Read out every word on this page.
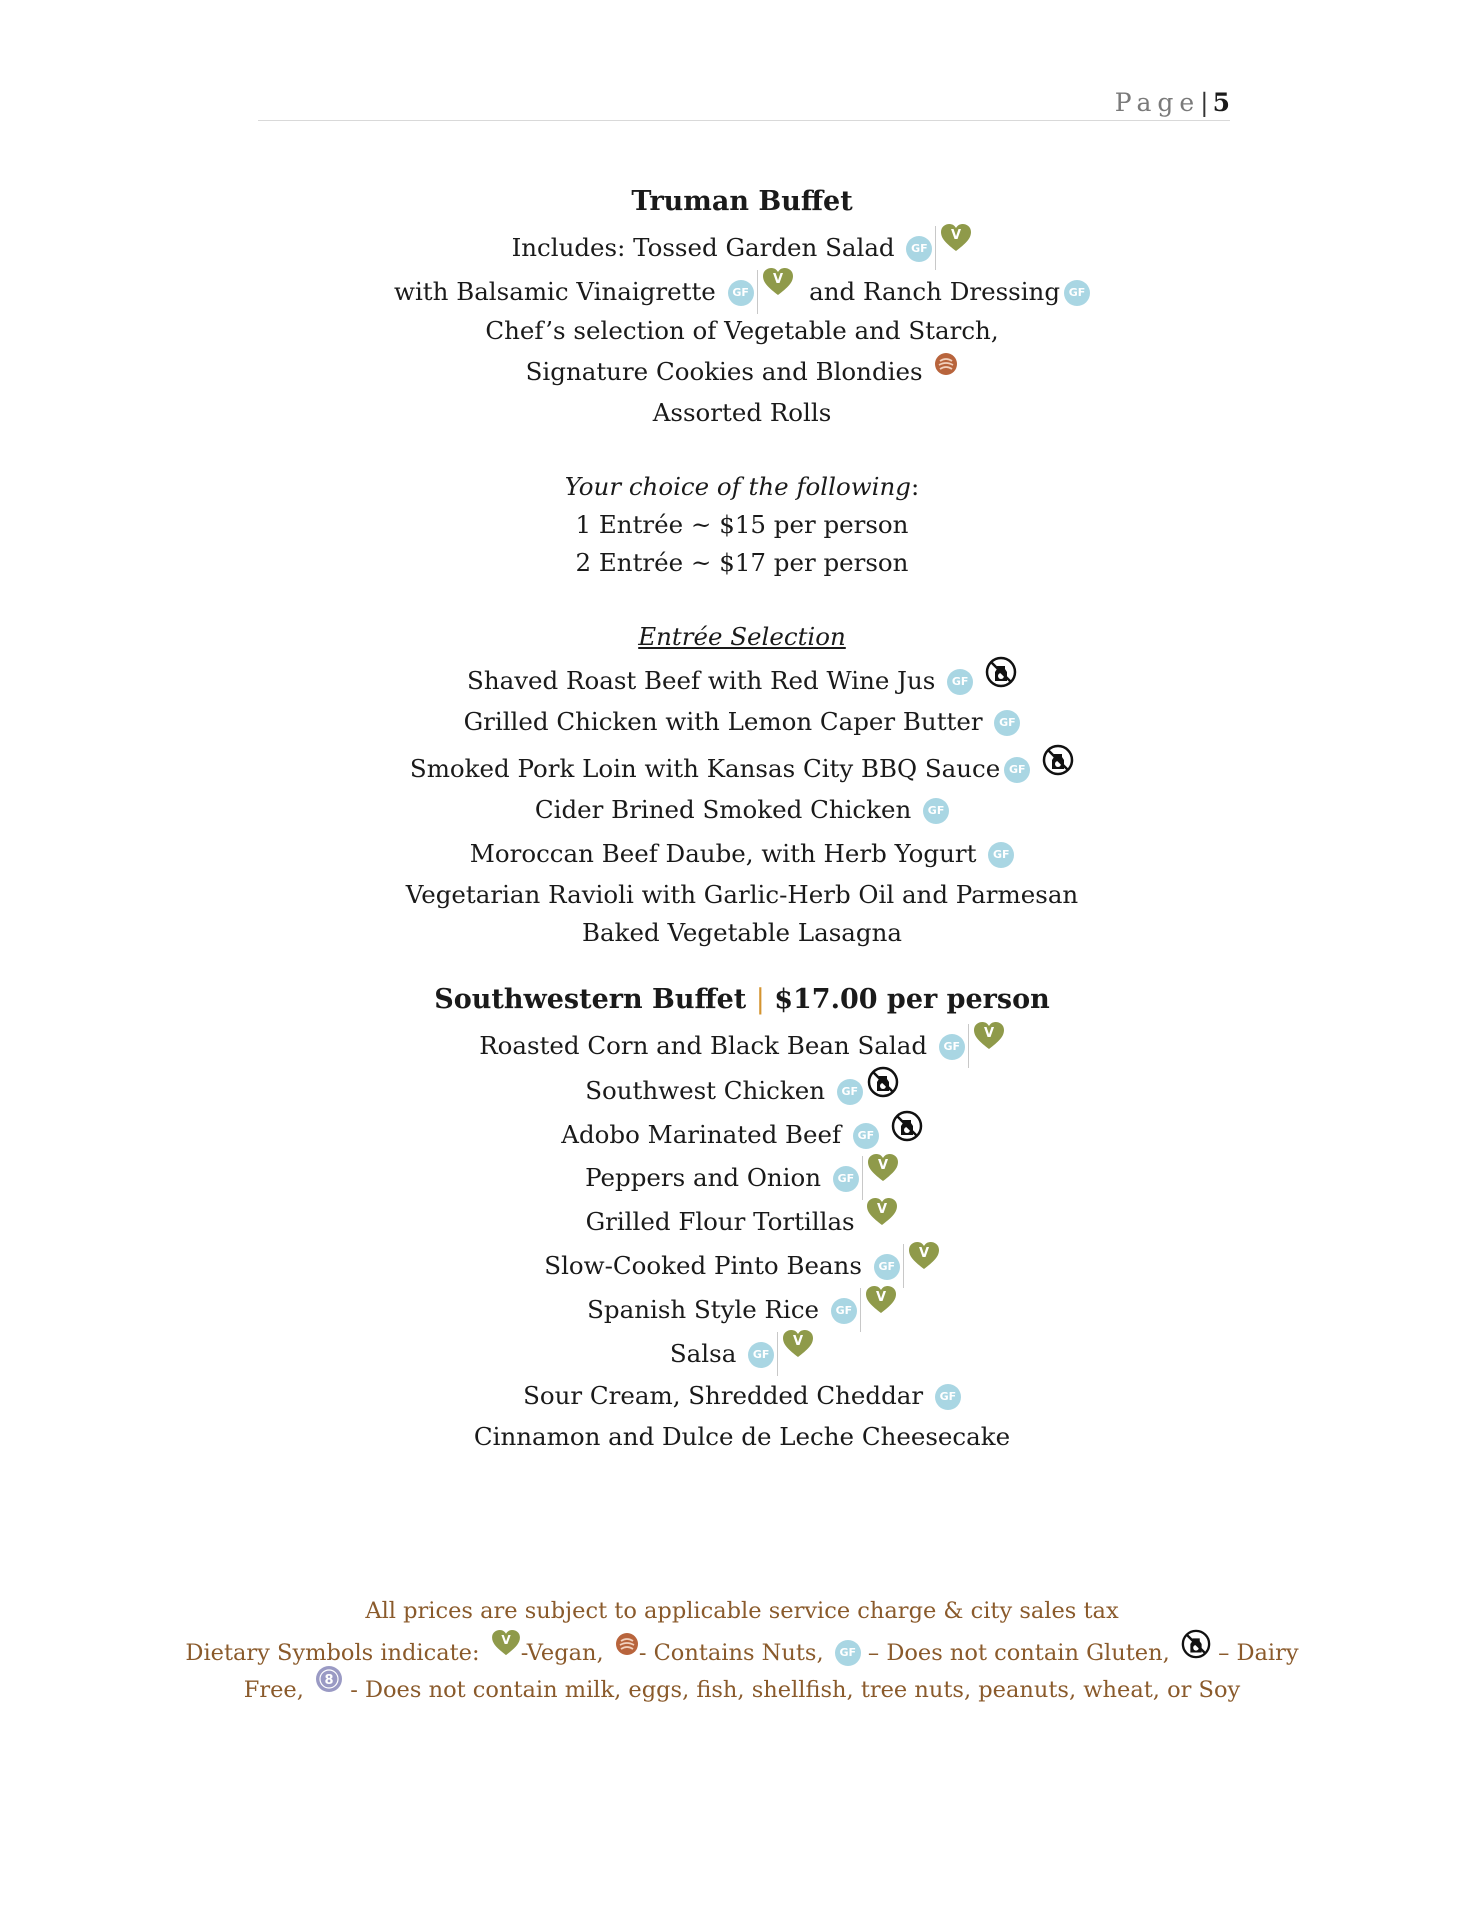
Page| 5
Truman Buffet
Includes: Tossed Garden Salad GF
V
with Balsamic Vinaigrette GF
V and Ranch Dressing GF
Chef’s selection of Vegetable and Starch,
Signature Cookies and Blondies
Assorted Rolls
Your choice of the following:
1 Entrée ~ $15 per person
2 Entrée ~ $17 per person
Entrée Selection
Shaved Roast Beef with Red Wine Jus GF
Grilled Chicken with Lemon Caper Butter GF
Smoked Pork Loin with Kansas City BBQ Sauce GF
Cider Brined Smoked Chicken GF
Moroccan Beef Daube, with Herb Yogurt GF
Vegetarian Ravioli with Garlic-Herb Oil and Parmesan
Baked Vegetable Lasagna
Southwestern Buffet | $17.00 per person
Roasted Corn and Black Bean Salad GF
V
Southwest Chicken GF
Adobo Marinated Beef GF
Peppers and Onion GF
V
Grilled Flour Tortillas V
Slow-Cooked Pinto Beans GF
V
Spanish Style Rice GF
V
Salsa GF
V
Sour Cream, Shredded Cheddar GF
Cinnamon and Dulce de Leche Cheesecake
All prices are subject to applicable service charge & city sales tax
Dietary Symbols indicate:
V
-Vegan, - Contains Nuts, GF – Does not contain Gluten, – Dairy
Free, 8 - Does not contain milk, eggs, fish, shellfish, tree nuts, peanuts, wheat, or Soy
